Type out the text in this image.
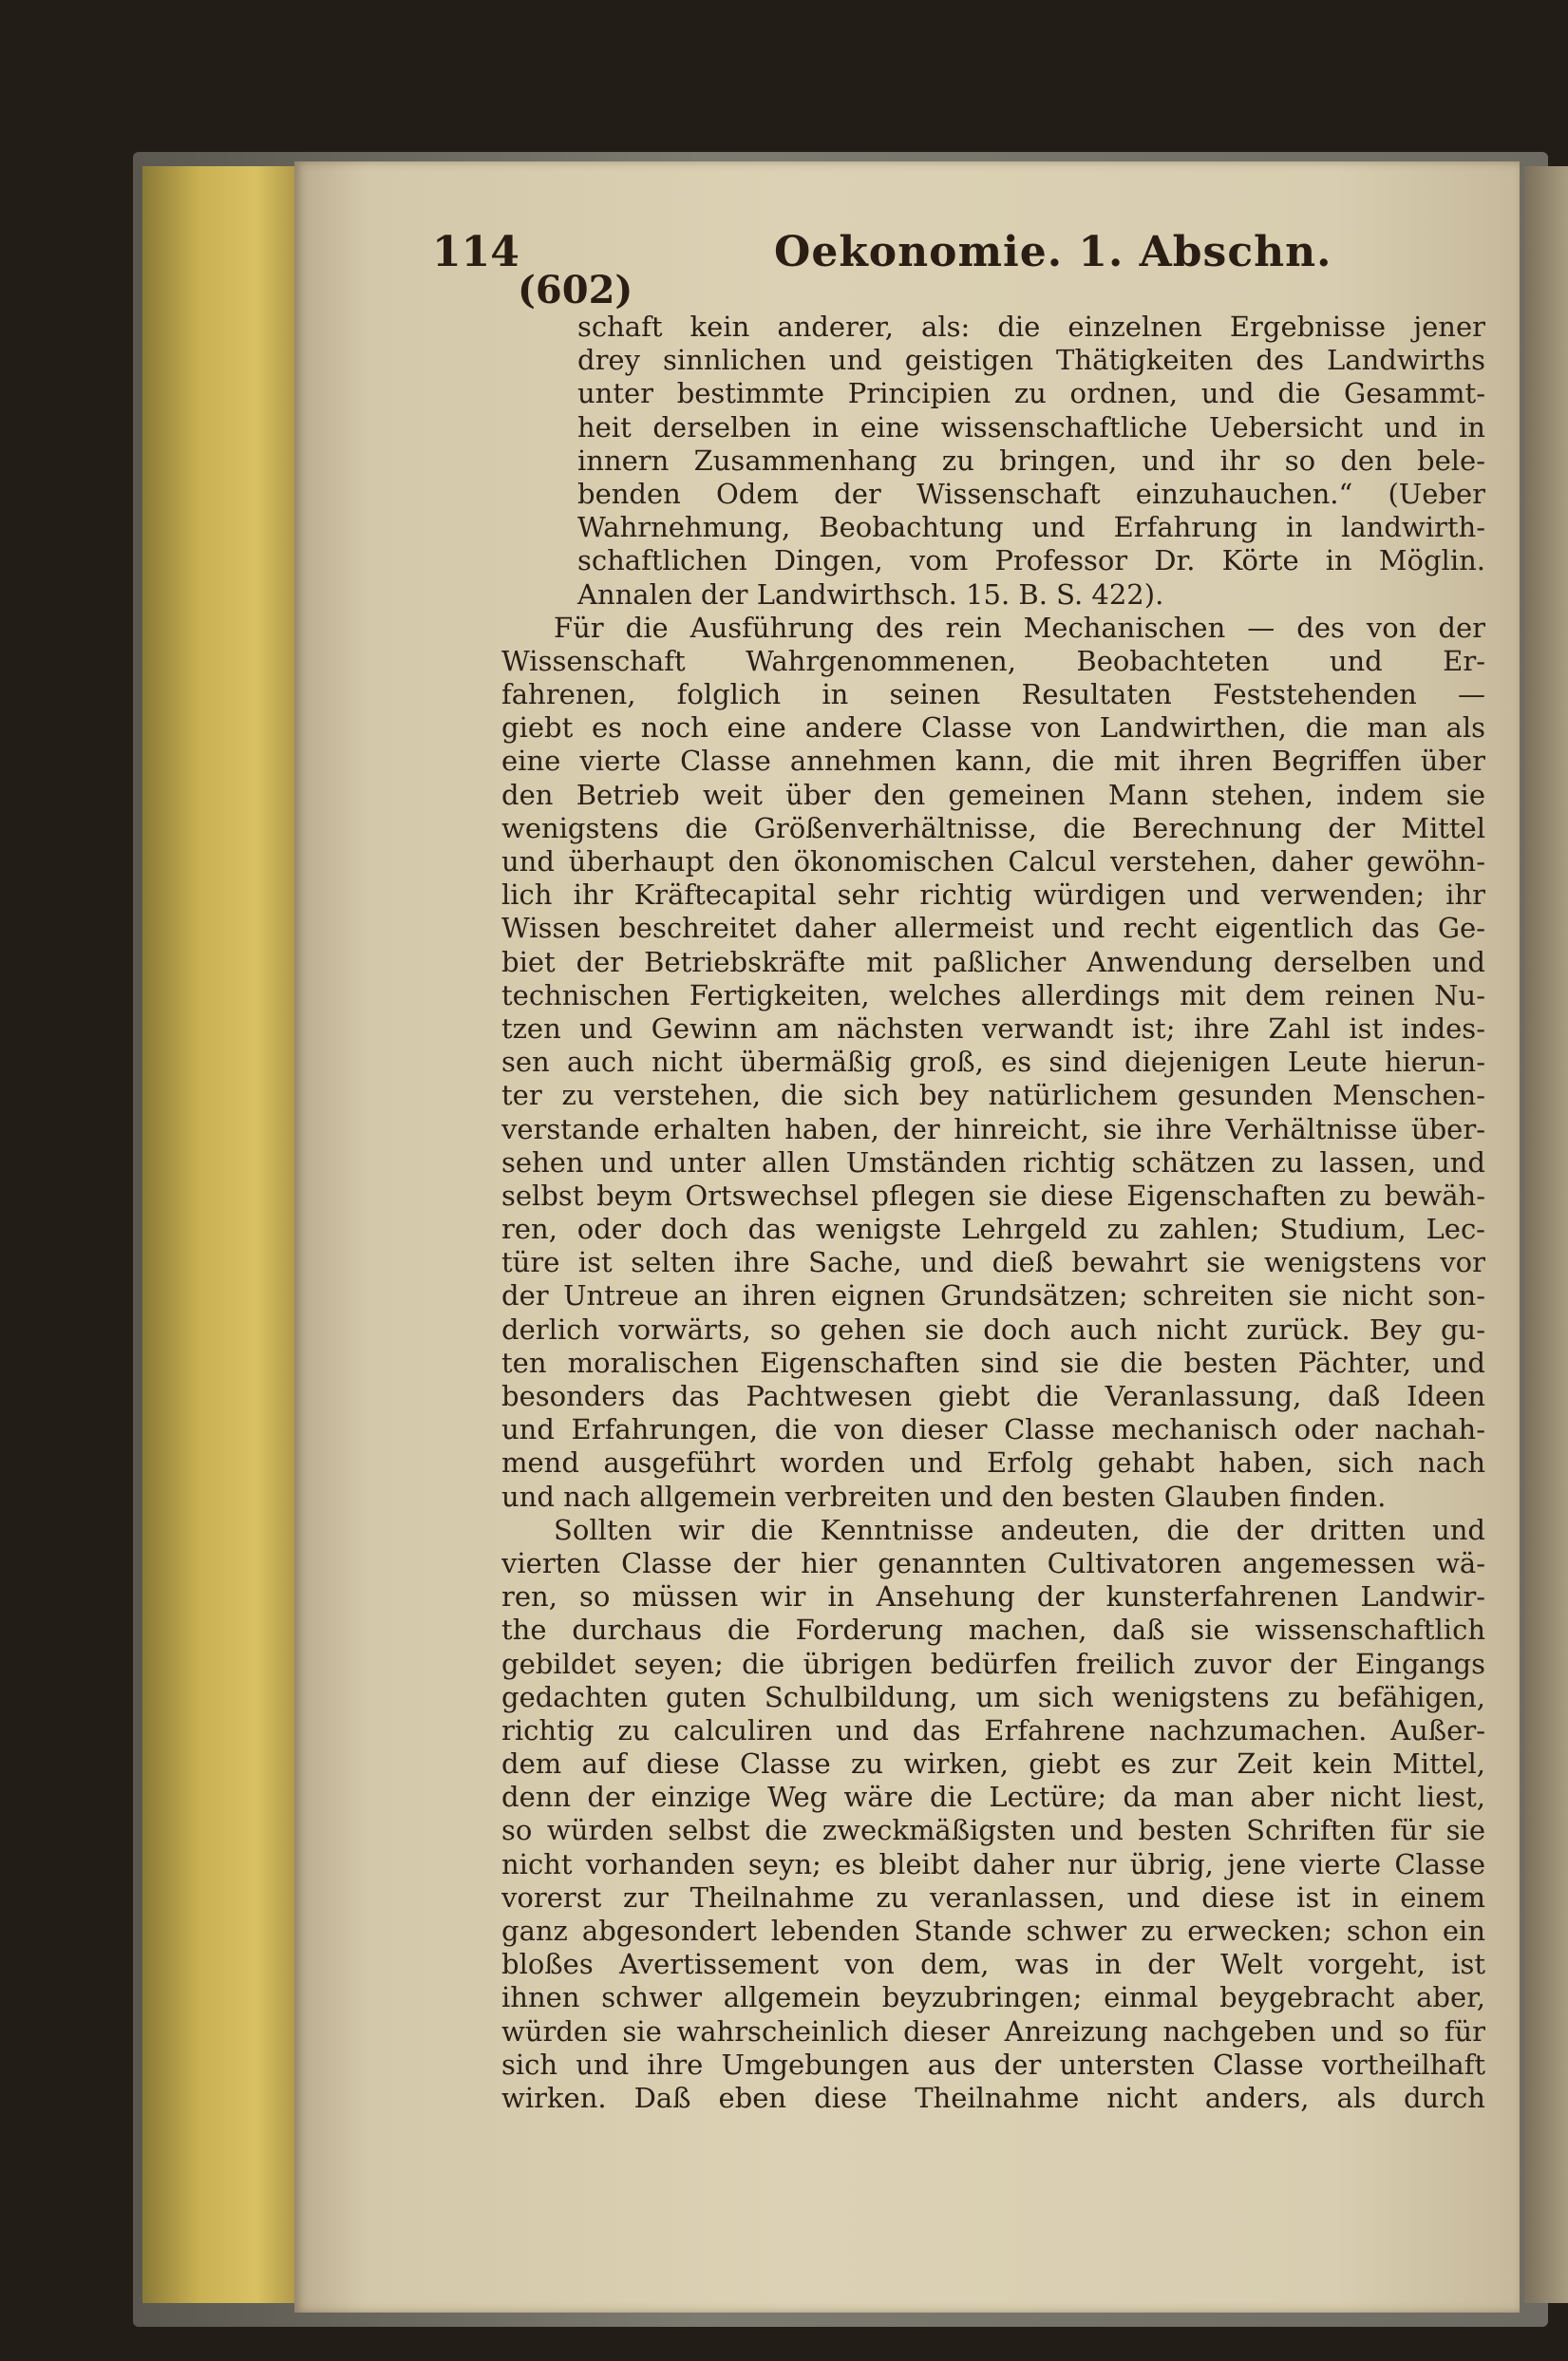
114	Oekonomie. 1. Abschn.
(602)
schaft kein anderer, als: die einzelnen Ergebnisse jener
drey sinnlichen und geistigen Thätigkeiten des Landwirths
unter bestimmte Principien zu ordnen, und die Gesammt-
heit derselben in eine wissenschaftliche Uebersicht und in
innern Zusammenhang zu bringen, und ihr so den bele-
benden Odem der Wissenschaft einzuhauchen.“ (Ueber
Wahrnehmung, Beobachtung und Erfahrung in landwirth-
schaftlichen Dingen, vom Professor Dr. Körte in Möglin.
Annalen der Landwirthsch. 15. B. S. 422).
Für die Ausführung des rein Mechanischen — des von der
Wissenschaft Wahrgenommenen, Beobachteten und Er-
fahrenen, folglich in seinen Resultaten Feststehenden —
giebt es noch eine andere Classe von Landwirthen, die man als
eine vierte Classe annehmen kann, die mit ihren Begriffen über
den Betrieb weit über den gemeinen Mann stehen, indem sie
wenigstens die Größenverhältnisse, die Berechnung der Mittel
und überhaupt den ökonomischen Calcul verstehen, daher gewöhn-
lich ihr Kräftecapital sehr richtig würdigen und verwenden; ihr
Wissen beschreitet daher allermeist und recht eigentlich das Ge-
biet der Betriebskräfte mit paßlicher Anwendung derselben und
technischen Fertigkeiten, welches allerdings mit dem reinen Nu-
tzen und Gewinn am nächsten verwandt ist; ihre Zahl ist indes-
sen auch nicht übermäßig groß, es sind diejenigen Leute hierun-
ter zu verstehen, die sich bey natürlichem gesunden Menschen-
verstande erhalten haben, der hinreicht, sie ihre Verhältnisse über-
sehen und unter allen Umständen richtig schätzen zu lassen, und
selbst beym Ortswechsel pflegen sie diese Eigenschaften zu bewäh-
ren, oder doch das wenigste Lehrgeld zu zahlen; Studium, Lec-
türe ist selten ihre Sache, und dieß bewahrt sie wenigstens vor
der Untreue an ihren eignen Grundsätzen; schreiten sie nicht son-
derlich vorwärts, so gehen sie doch auch nicht zurück. Bey gu-
ten moralischen Eigenschaften sind sie die besten Pächter, und
besonders das Pachtwesen giebt die Veranlassung, daß Ideen
und Erfahrungen, die von dieser Classe mechanisch oder nachah-
mend ausgeführt worden und Erfolg gehabt haben, sich nach
und nach allgemein verbreiten und den besten Glauben finden.
Sollten wir die Kenntnisse andeuten, die der dritten und
vierten Classe der hier genannten Cultivatoren angemessen wä-
ren, so müssen wir in Ansehung der kunsterfahrenen Landwir-
the durchaus die Forderung machen, daß sie wissenschaftlich
gebildet seyen; die übrigen bedürfen freilich zuvor der Eingangs
gedachten guten Schulbildung, um sich wenigstens zu befähigen,
richtig zu calculiren und das Erfahrene nachzumachen. Außer-
dem auf diese Classe zu wirken, giebt es zur Zeit kein Mittel,
denn der einzige Weg wäre die Lectüre; da man aber nicht liest,
so würden selbst die zweckmäßigsten und besten Schriften für sie
nicht vorhanden seyn; es bleibt daher nur übrig, jene vierte Classe
vorerst zur Theilnahme zu veranlassen, und diese ist in einem
ganz abgesondert lebenden Stande schwer zu erwecken; schon ein
bloßes Avertissement von dem, was in der Welt vorgeht, ist
ihnen schwer allgemein beyzubringen; einmal beygebracht aber,
würden sie wahrscheinlich dieser Anreizung nachgeben und so für
sich und ihre Umgebungen aus der untersten Classe vortheilhaft
wirken. Daß eben diese Theilnahme nicht anders, als durch
